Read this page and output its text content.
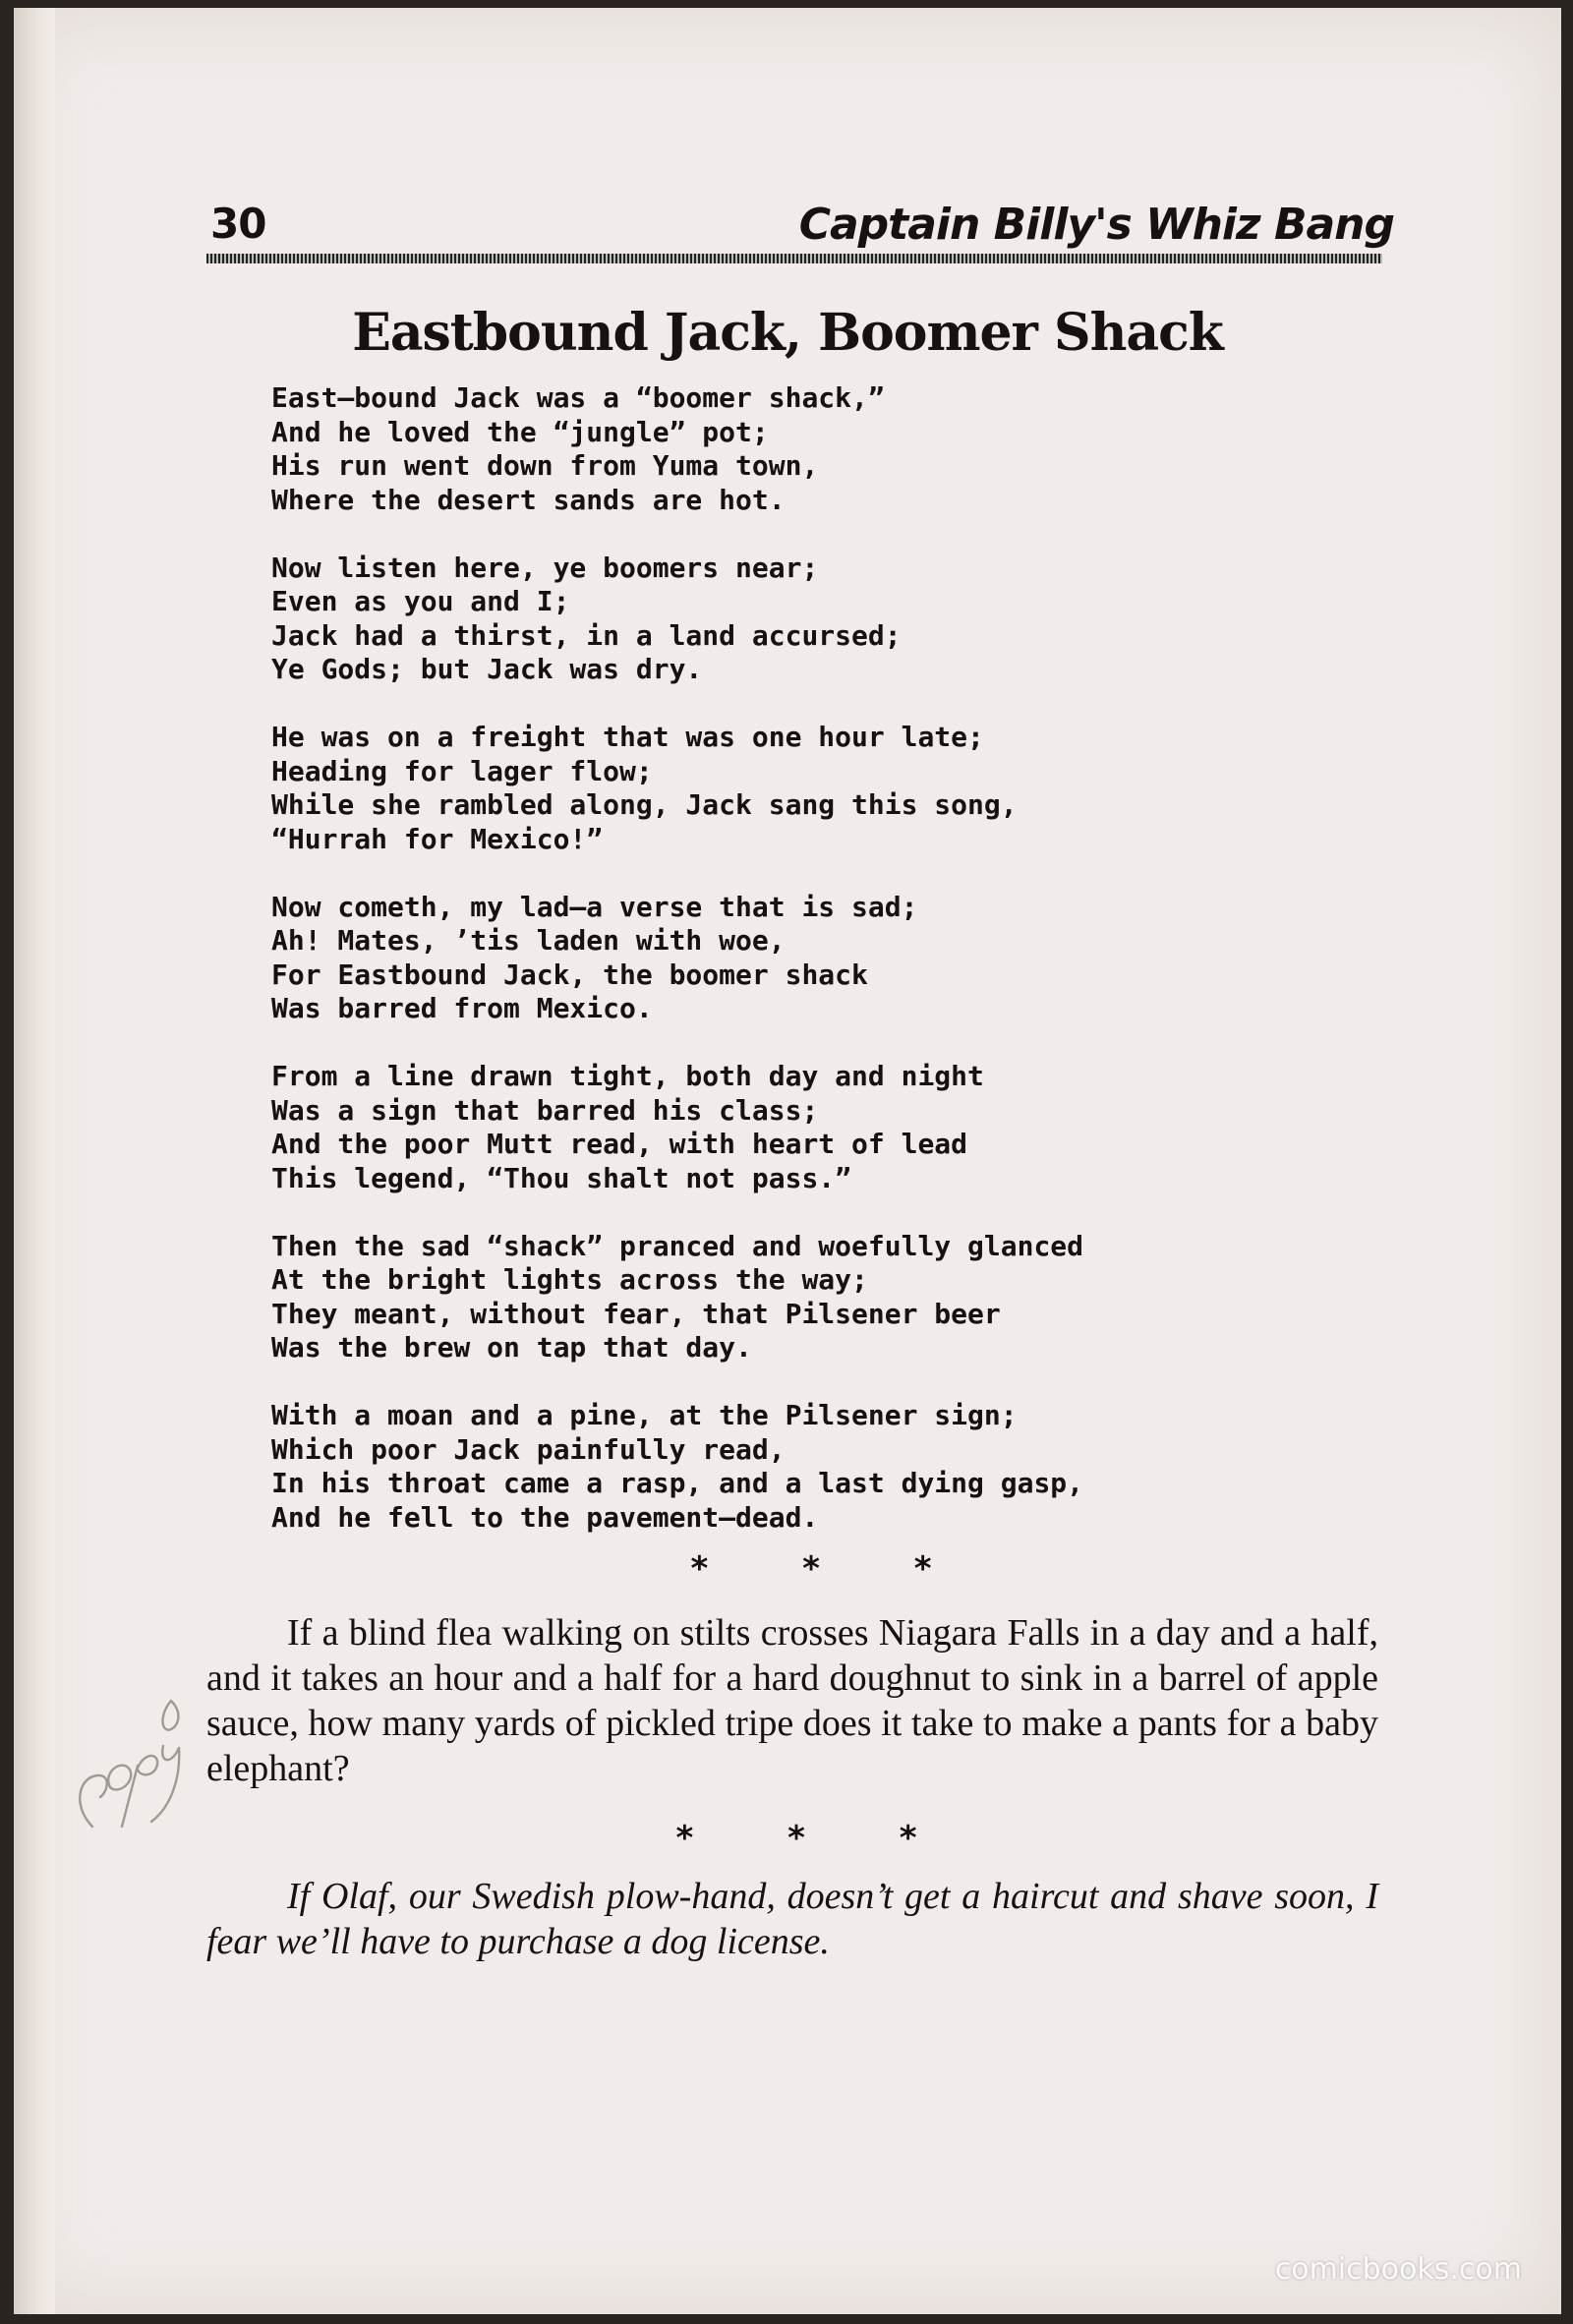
30	Captain Billy's Whiz Bang
Eastbound Jack, Boomer Shack
East–bound Jack was a “boomer shack,”
And he loved the “jungle” pot;
His run went down from Yuma town,
Where the desert sands are hot.
Now listen here, ye boomers near;
Even as you and I;
Jack had a thirst, in a land accursed;
Ye Gods; but Jack was dry.
He was on a freight that was one hour late;
Heading for lager flow;
While she rambled along, Jack sang this song,
“Hurrah for Mexico!”
Now cometh, my lad—a verse that is sad;
Ah! Mates, ’tis laden with woe,
For Eastbound Jack, the boomer shack
Was barred from Mexico.
From a line drawn tight, both day and night
Was a sign that barred his class;
And the poor Mutt read, with heart of lead
This legend, “Thou shalt not pass.”
Then the sad “shack” pranced and woefully glanced
At the bright lights across the way;
They meant, without fear, that Pilsener beer
Was the brew on tap that day.
With a moan and a pine, at the Pilsener sign;
Which poor Jack painfully read,
In his throat came a rasp, and a last dying gasp,
And he fell to the pavement—dead.
* * *

If a blind flea walking on stilts crosses Niagara Falls in a day and a half, and it takes an hour and a half for a hard doughnut to sink in a barrel of apple sauce, how many yards of pickled tripe does it take to make a pants for a baby elephant?

* * *

If Olaf, our Swedish plow-hand, doesn’t get a haircut and shave soon, I fear we’ll have to purchase a dog license.

comicbooks.com
